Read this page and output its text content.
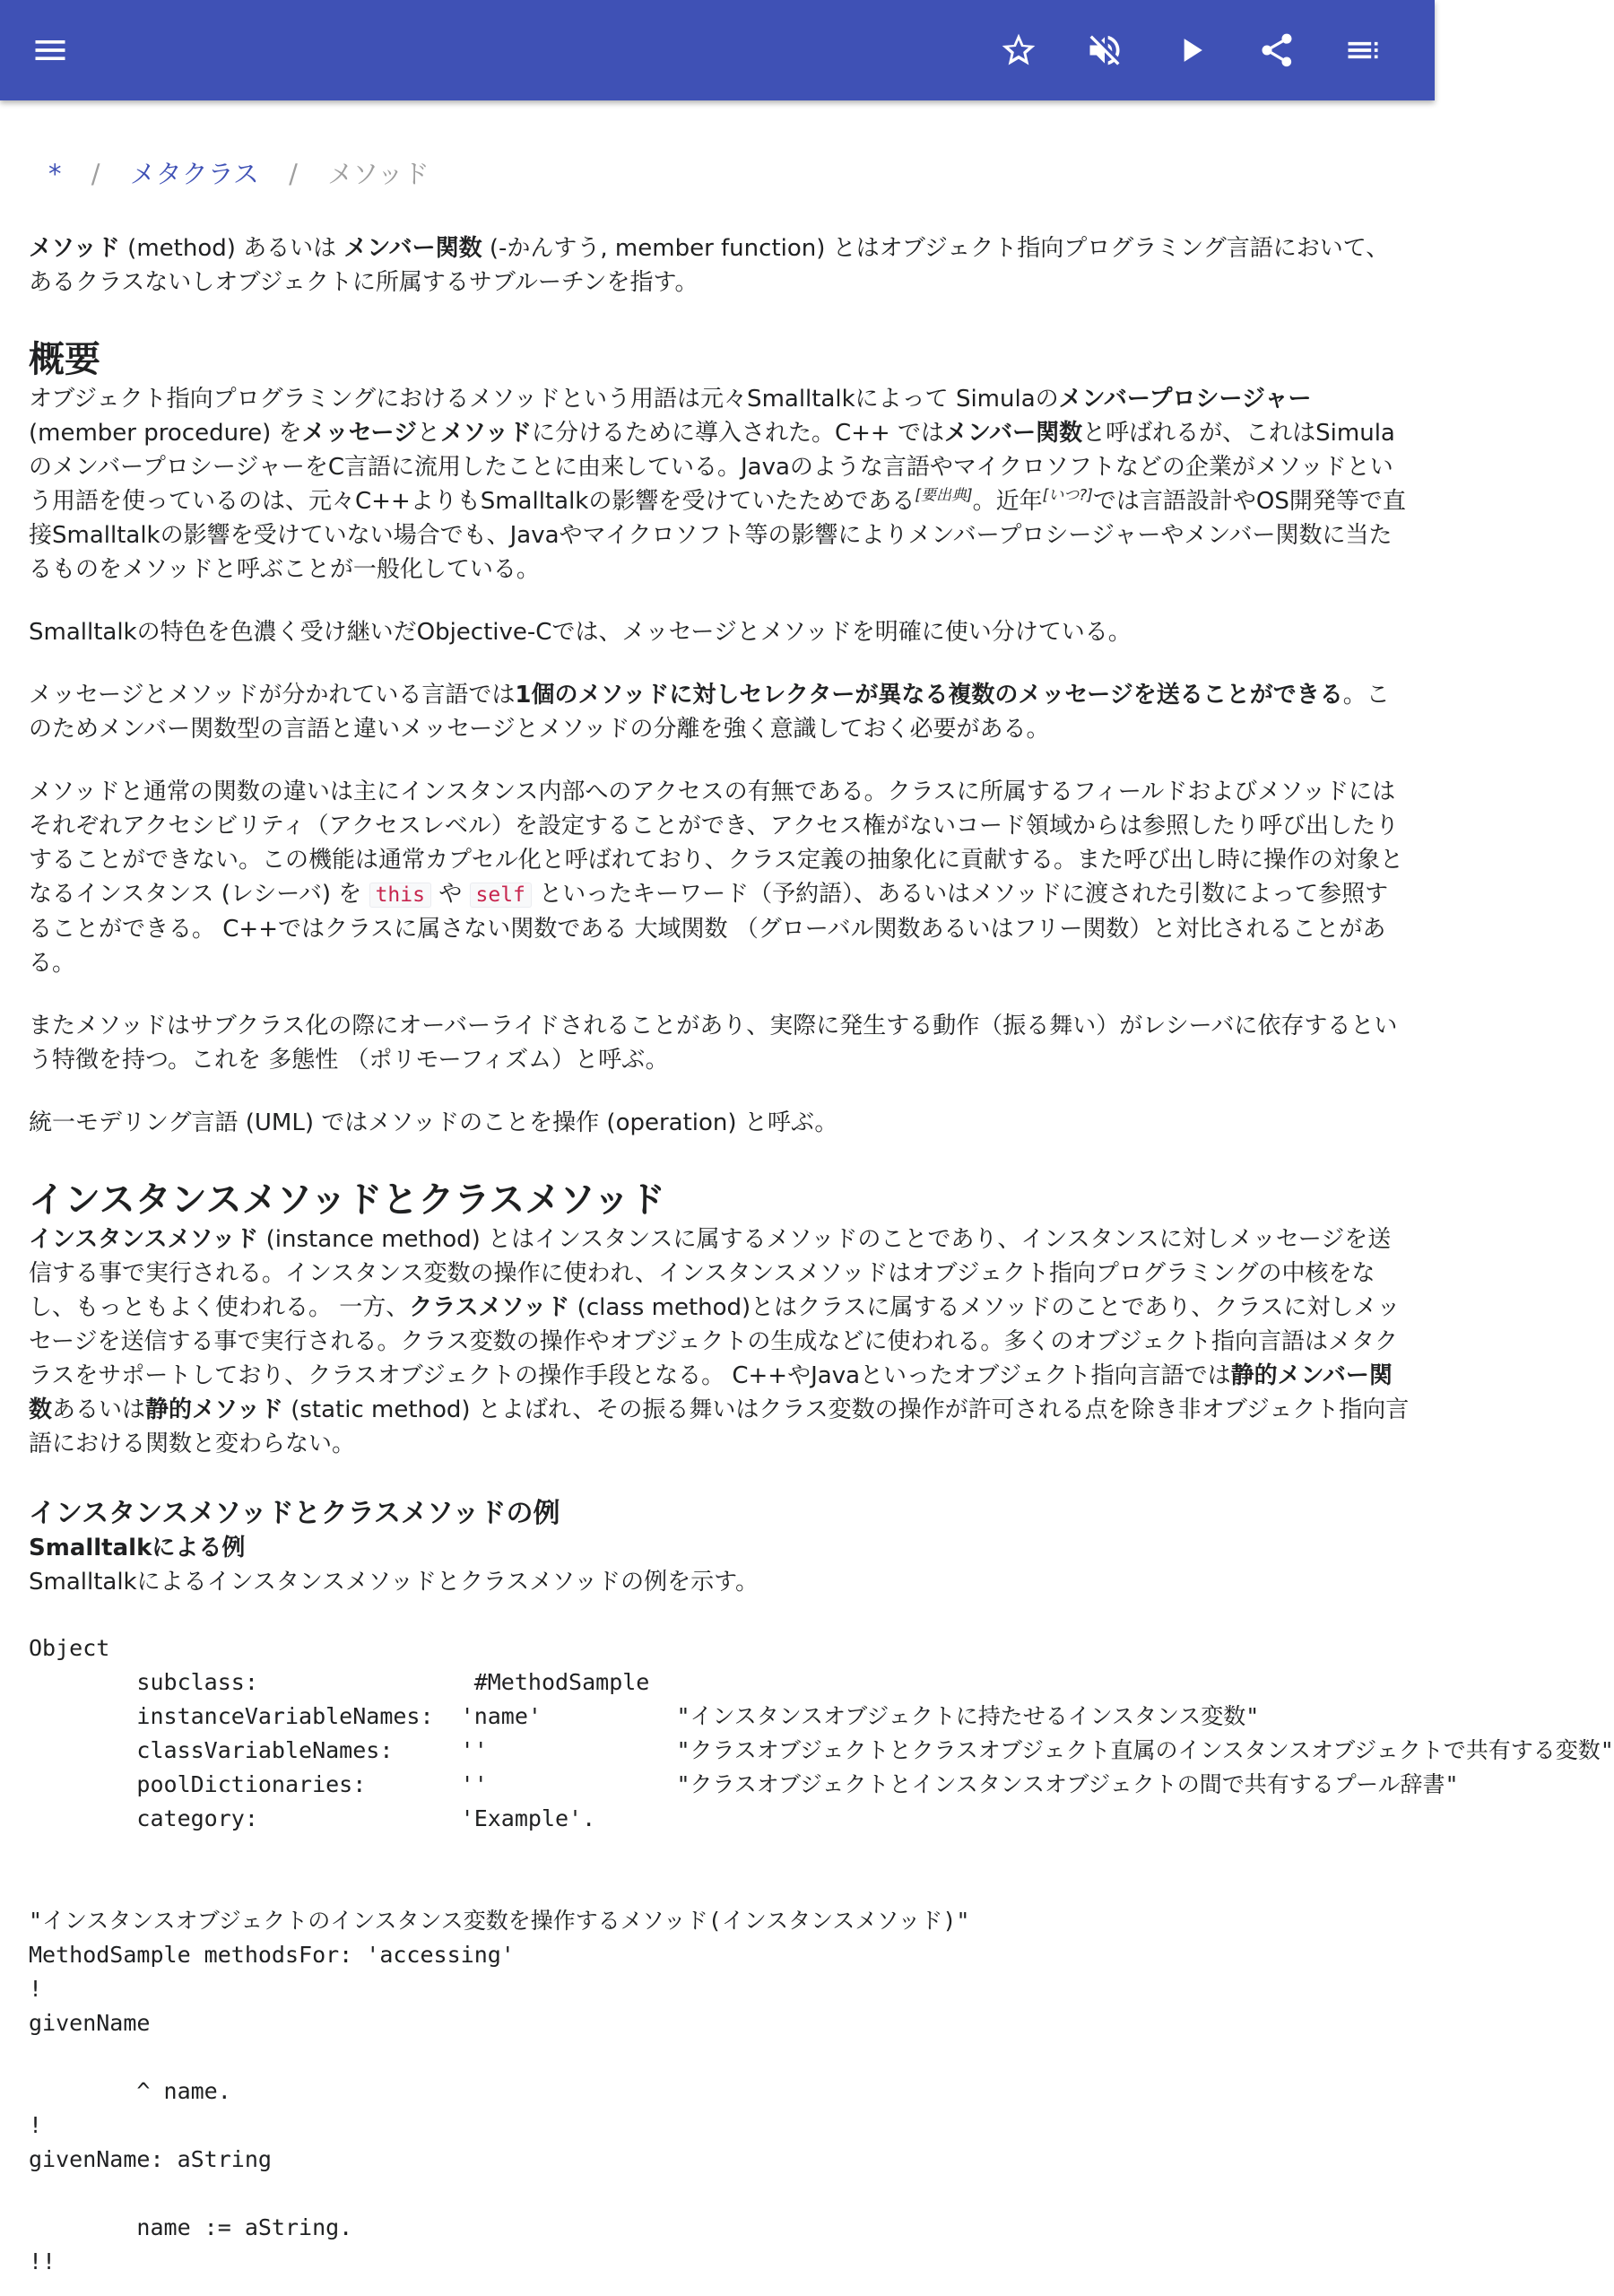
* / メタクラス / メソッド

メソッド (method) あるいは メンバー関数 (-かんすう, member function) とはオブジェクト指向プログラミング言語において、あるクラスないしオブジェクトに所属するサブルーチンを指す。

概要

オブジェクト指向プログラミングにおけるメソッドという用語は元々Smalltalkによって Simulaのメンバープロシージャー (member procedure) をメッセージとメソッドに分けるために導入された。C++ ではメンバー関数と呼ばれるが、これはSimulaのメンバープロシージャーをC言語に流用したことに由来している。Javaのような言語やマイクロソフトなどの企業がメソッドという用語を使っているのは、元々C++よりもSmalltalkの影響を受けていたためである[要出典]。近年[いつ?]では言語設計やOS開発等で直接Smalltalkの影響を受けていない場合でも、Javaやマイクロソフト等の影響によりメンバープロシージャーやメンバー関数に当たるものをメソッドと呼ぶことが一般化している。

Smalltalkの特色を色濃く受け継いだObjective-Cでは、メッセージとメソッドを明確に使い分けている。

メッセージとメソッドが分かれている言語では1個のメソッドに対しセレクターが異なる複数のメッセージを送ることができる。このためメンバー関数型の言語と違いメッセージとメソッドの分離を強く意識しておく必要がある。

メソッドと通常の関数の違いは主にインスタンス内部へのアクセスの有無である。クラスに所属するフィールドおよびメソッドにはそれぞれアクセシビリティ（アクセスレベル）を設定することができ、アクセス権がないコード領域からは参照したり呼び出したりすることができない。この機能は通常カプセル化と呼ばれており、クラス定義の抽象化に貢献する。また呼び出し時に操作の対象となるインスタンス (レシーバ) を this や self といったキーワード（予約語）、あるいはメソッドに渡された引数によって参照することができる。 C++ではクラスに属さない関数である 大域関数 （グローバル関数あるいはフリー関数）と対比されることがある。

またメソッドはサブクラス化の際にオーバーライドされることがあり、実際に発生する動作（振る舞い）がレシーバに依存するという特徴を持つ。これを 多態性 （ポリモーフィズム）と呼ぶ。

統一モデリング言語 (UML) ではメソッドのことを操作 (operation) と呼ぶ。

インスタンスメソッドとクラスメソッド

インスタンスメソッド (instance method) とはインスタンスに属するメソッドのことであり、インスタンスに対しメッセージを送信する事で実行される。インスタンス変数の操作に使われ、インスタンスメソッドはオブジェクト指向プログラミングの中核をなし、もっともよく使われる。 一方、クラスメソッド (class method)とはクラスに属するメソッドのことであり、クラスに対しメッセージを送信する事で実行される。クラス変数の操作やオブジェクトの生成などに使われる。多くのオブジェクト指向言語はメタクラスをサポートしており、クラスオブジェクトの操作手段となる。 C++やJavaといったオブジェクト指向言語では静的メンバー関数あるいは静的メソッド (static method) とよばれ、その振る舞いはクラス変数の操作が許可される点を除き非オブジェクト指向言語における関数と変わらない。

インスタンスメソッドとクラスメソッドの例
Smalltalkによる例

Smalltalkによるインスタンスメソッドとクラスメソッドの例を示す。

Object
subclass:                #MethodSample
instanceVariableNames:  'name'          "インスタンスオブジェクトに持たせるインスタンス変数"
classVariableNames:     ''              "クラスオブジェクトとクラスオブジェクト直属のインスタンスオブジェクトで共有する変数"
poolDictionaries:       ''              "クラスオブジェクトとインスタンスオブジェクトの間で共有するプール辞書"
category:               'Example'.

"インスタンスオブジェクトのインスタンス変数を操作するメソッド(インスタンスメソッド)"
MethodSample methodsFor: 'accessing'
!
givenName

^ name.
!
givenName: aString

name := aString.
!!
